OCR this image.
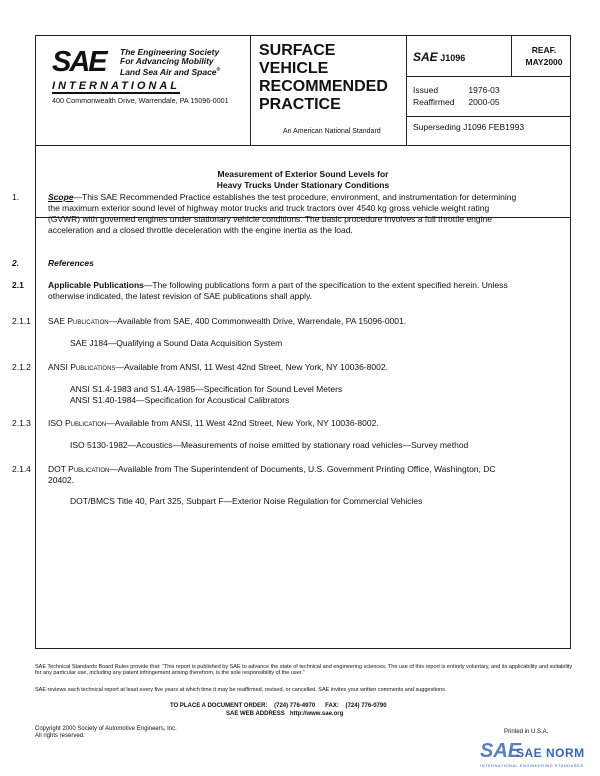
SAE The Engineering Society
For Advancing Mobility
Land Sea Air and Space®
INTERNATIONAL
400 Commonwealth Drive, Warrendale, PA 15096-0001
SURFACE
VEHICLE
RECOMMENDED
PRACTICE
An American National Standard
SAE J1096
REAF.
MAY2000
Issued	1976-03
Reaffirmed	2000-05
Superseding J1096 FEB1993
Measurement of Exterior Sound Levels for
Heavy Trucks Under Stationary Conditions
1.	Scope—This SAE Recommended Practice establishes the test procedure, environment, and instrumentation for determining the maximum exterior sound level of highway motor trucks and truck tractors over 4540 kg gross vehicle weight rating (GVWR) with governed engines under stationary vehicle conditions. The basic procedure involves a full throttle engine acceleration and a closed throttle deceleration with the engine inertia as the load.
2.	References
2.1	Applicable Publications—The following publications form a part of the specification to the extent specified herein. Unless otherwise indicated, the latest revision of SAE publications shall apply.
2.1.1 SAE Publication—Available from SAE, 400 Commonwealth Drive, Warrendale, PA 15096-0001.
SAE J184—Qualifying a Sound Data Acquisition System
2.1.2 ANSI Publications—Available from ANSI, 11 West 42nd Street, New York, NY 10036-8002.
ANSI S1.4-1983 and S1.4A-1985—Specification for Sound Level Meters
ANSI S1.40-1984—Specification for Acoustical Calibrators
2.1.3 ISO Publication—Available from ANSI, 11 West 42nd Street, New York, NY 10036-8002.
ISO 5130-1982—Acoustics—Measurements of noise emitted by stationary road vehicles—Survey method
2.1.4 DOT Publication—Available from The Superintendent of Documents, U.S. Government Printing Office, Washington, DC 20402.
DOT/BMCS Title 40, Part 325, Subpart F—Exterior Noise Regulation for Commercial Vehicles
SAE Technical Standards Board Rules provide that: “This report is published by SAE to advance the state of technical and engineering sciences. The use of this report is entirely voluntary, and its applicability and suitability for any particular use, including any patent infringement arising therefrom, is the sole responsibility of the user.”
SAE reviews each technical report at least every five years at which time it may be reaffirmed, revised, or cancelled. SAE invites your written comments and suggestions.
TO PLACE A DOCUMENT ORDER: (724) 776-4970 FAX: (724) 776-0790
SAE WEB ADDRESS http://www.sae.org
Copyright 2000 Society of Automotive Engineers, Inc.
All rights reserved.
Printed in U.S.A.
SAE
SAE NORM
INTERNATIONAL ENGINEERING STANDARDS
